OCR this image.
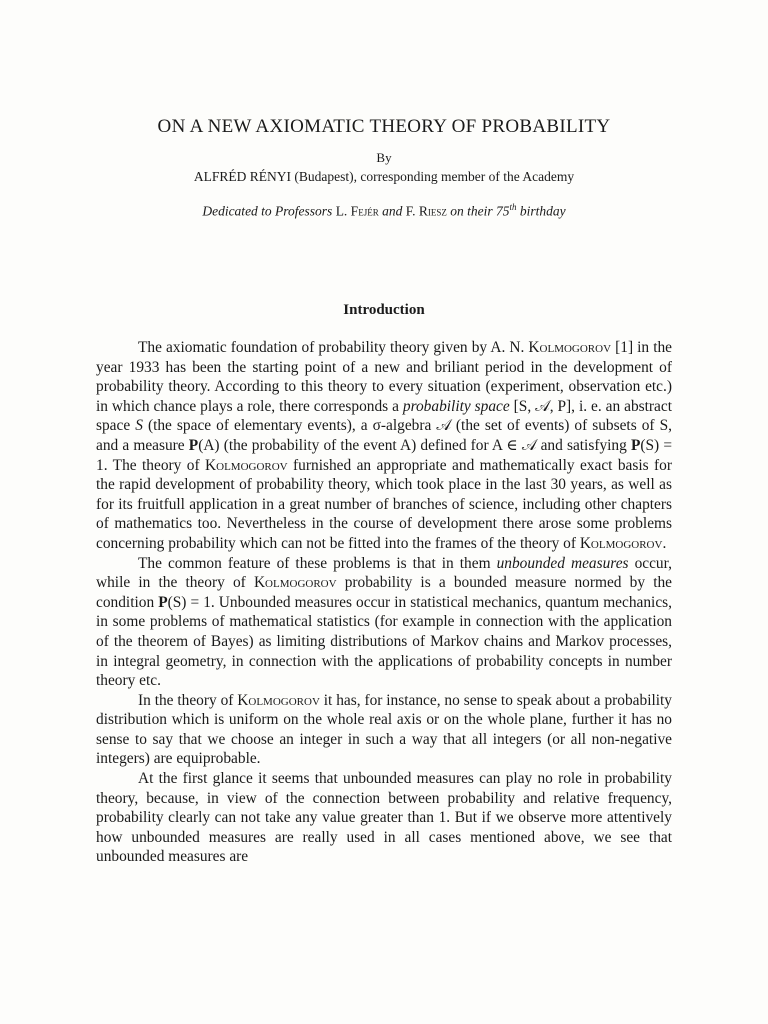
ON A NEW AXIOMATIC THEORY OF PROBABILITY
By
ALFRÉD RÉNYI (Budapest), corresponding member of the Academy
Dedicated to Professors L. Fejér and F. Riesz on their 75th birthday
Introduction

The axiomatic foundation of probability theory given by A. N. Kolmogorov [1] in the year 1933 has been the starting point of a new and briliant period in the development of probability theory. According to this theory to every situation (experiment, observation etc.) in which chance plays a role, there corresponds a probability space [S, 𝒜, P], i. e. an abstract space S (the space of elementary events), a σ-algebra 𝒜 (the set of events) of subsets of S, and a measure P(A) (the probability of the event A) defined for A ∈ 𝒜 and satisfying P(S) = 1. The theory of Kolmogorov furnished an appropriate and mathematically exact basis for the rapid development of probability theory, which took place in the last 30 years, as well as for its fruitfull application in a great number of branches of science, including other chapters of mathematics too. Nevertheless in the course of development there arose some problems concerning probability which can not be fitted into the frames of the theory of Kolmogorov.

The common feature of these problems is that in them unbounded measures occur, while in the theory of Kolmogorov probability is a bounded measure normed by the condition P(S) = 1. Unbounded measures occur in statistical mechanics, quantum mechanics, in some problems of mathematical statistics (for example in connection with the application of the theorem of Bayes) as limiting distributions of Markov chains and Markov processes, in integral geometry, in connection with the applications of probability concepts in number theory etc.

In the theory of Kolmogorov it has, for instance, no sense to speak about a probability distribution which is uniform on the whole real axis or on the whole plane, further it has no sense to say that we choose an integer in such a way that all integers (or all non-negative integers) are equiprobable.

At the first glance it seems that unbounded measures can play no role in probability theory, because, in view of the connection between probability and relative frequency, probability clearly can not take any value greater than 1. But if we observe more attentively how unbounded measures are really used in all cases mentioned above, we see that unbounded measures are
